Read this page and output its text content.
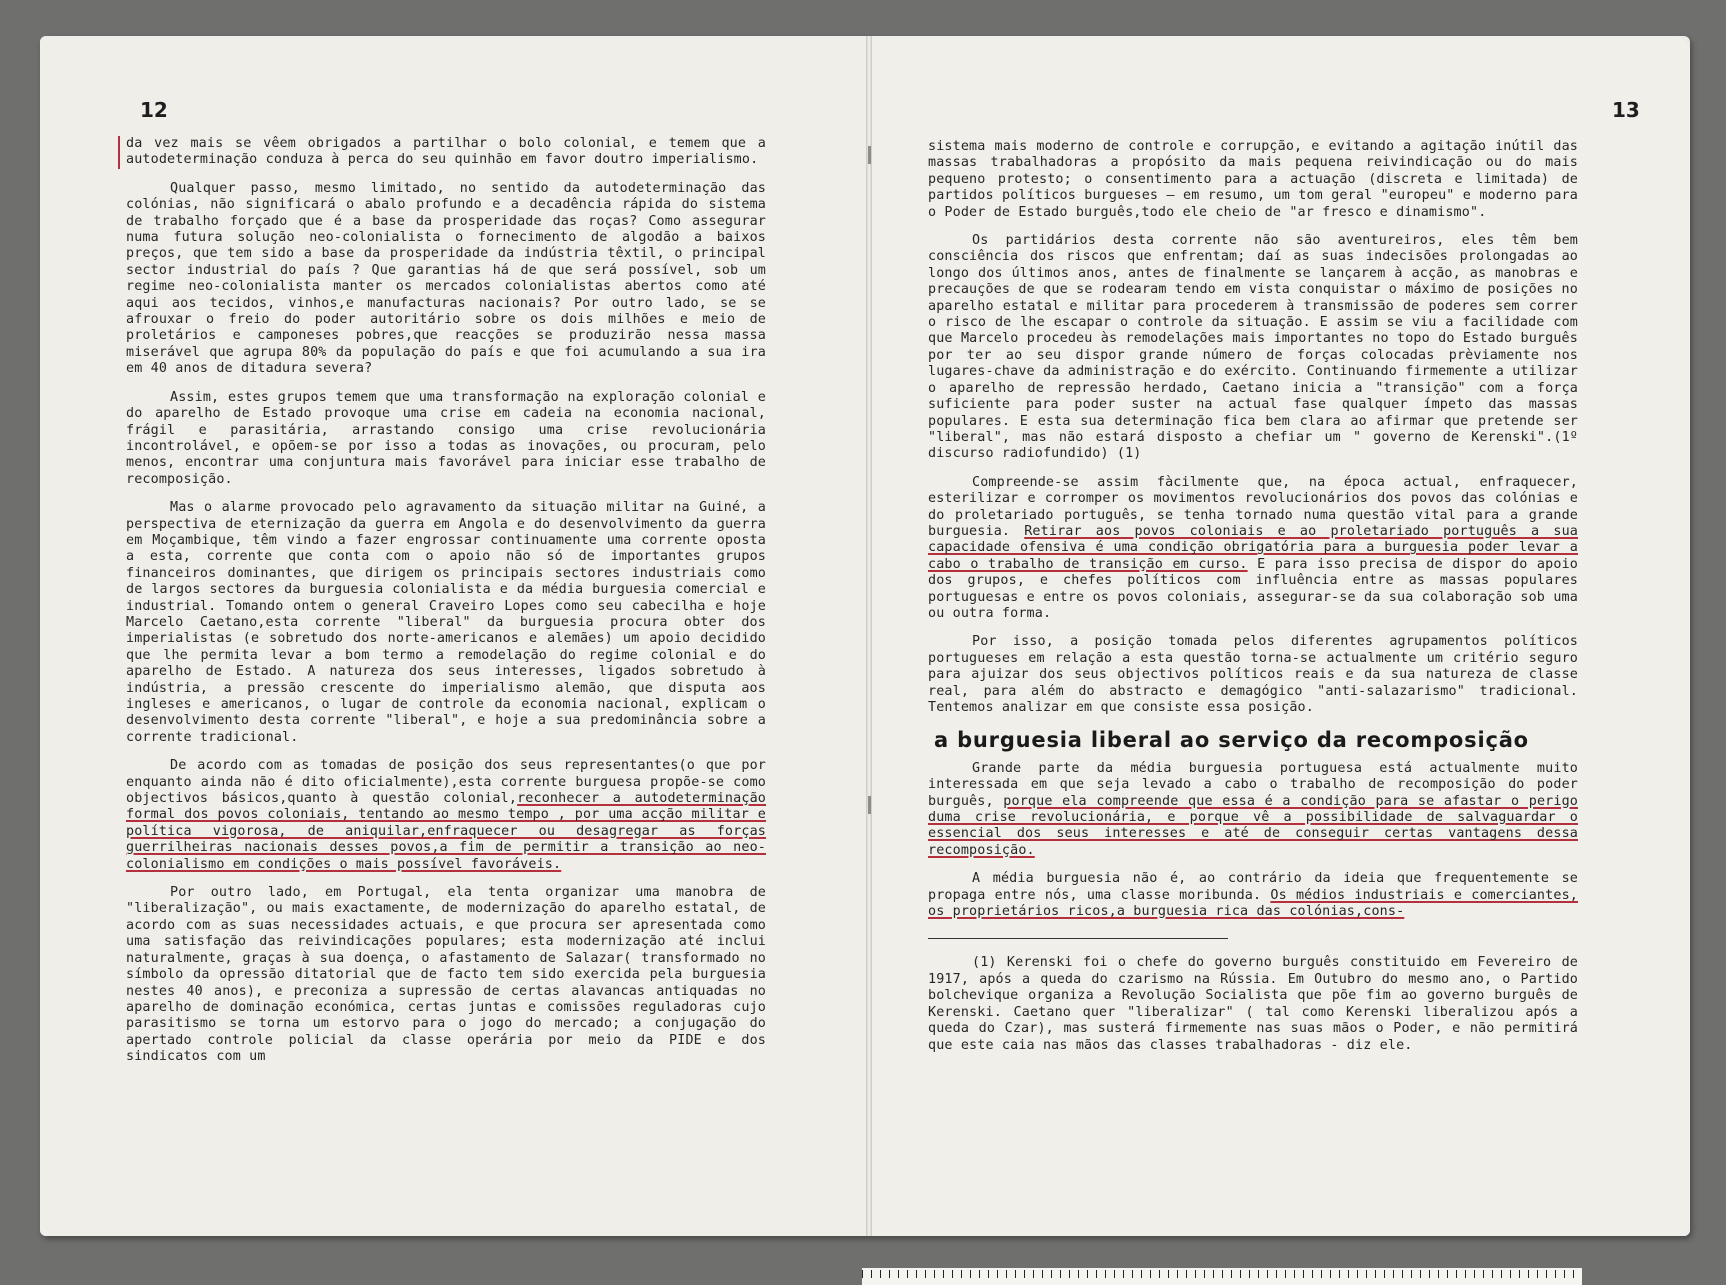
12

da vez mais se vêem obrigados a partilhar o bolo colonial, e temem que a autodeterminação conduza à perca do seu quinhão em favor doutro imperialismo.

Qualquer passo, mesmo limitado, no sentido da autodeterminação das colónias, não significará o abalo profundo e a decadência rápida do sistema de trabalho forçado que é a base da prosperidade das roças? Como assegurar numa futura solução neo-colonialista o fornecimento de algodão a baixos preços, que tem sido a base da prosperidade da indústria têxtil, o principal sector industrial do país ? Que garantias há de que será possível, sob um regime neo-colonialista manter os mercados colonialistas abertos como até aqui aos tecidos, vinhos,e manufacturas nacionais? Por outro lado, se se afrouxar o freio do poder autoritário sobre os dois milhões e meio de proletários e camponeses pobres,que reacções se produzirão nessa massa miserável que agrupa 80% da população do país e que foi acumulando a sua ira em 40 anos de ditadura severa?

Assim, estes grupos temem que uma transformação na exploração colonial e do aparelho de Estado provoque uma crise em cadeia na economia nacional, frágil e parasitária, arrastando consigo uma crise revolucionária incontrolável, e opõem-se por isso a todas as inovações, ou procuram, pelo menos, encontrar uma conjuntura mais favorável para iniciar esse trabalho de recomposição.

Mas o alarme provocado pelo agravamento da situação militar na Guiné, a perspectiva de eternização da guerra em Angola e do desenvolvimento da guerra em Moçambique, têm vindo a fazer engrossar continuamente uma corrente oposta a esta, corrente que conta com o apoio não só de importantes grupos financeiros dominantes, que dirigem os principais sectores industriais como de largos sectores da burguesia colonialista e da média burguesia comercial e industrial. Tomando ontem o general Craveiro Lopes como seu cabecilha e hoje Marcelo Caetano,esta corrente "liberal" da burguesia procura obter dos imperialistas (e sobretudo dos norte-americanos e alemães) um apoio decidido que lhe permita levar a bom termo a remodelação do regime colonial e do aparelho de Estado. A natureza dos seus interesses, ligados sobretudo à indústria, a pressão crescente do imperialismo alemão, que disputa aos ingleses e americanos, o lugar de controle da economia nacional, explicam o desenvolvimento desta corrente "liberal", e hoje a sua predominância sobre a corrente tradicional.

De acordo com as tomadas de posição dos seus representantes(o que por enquanto ainda não é dito oficialmente),esta corrente burguesa propõe-se como objectivos básicos,quanto à questão colonial,reconhecer a autodeterminação formal dos povos coloniais, tentando ao mesmo tempo , por uma acção militar e política vigorosa, de aniquilar,enfraquecer ou desagregar as forças guerrilheiras nacionais desses povos,a fim de permitir a transição ao neo-colonialismo em condições o mais possível favoráveis.

Por outro lado, em Portugal, ela tenta organizar uma manobra de "liberalização", ou mais exactamente, de modernização do aparelho estatal, de acordo com as suas necessidades actuais, e que procura ser apresentada como uma satisfação das reivindicações populares; esta modernização até inclui naturalmente, graças à sua doença, o afastamento de Salazar( transformado no símbolo da opressão ditatorial que de facto tem sido exercida pela burguesia nestes 40 anos), e preconiza a supressão de certas alavancas antiquadas no aparelho de dominação económica, certas juntas e comissões reguladoras cujo parasitismo se torna um estorvo para o jogo do mercado; a conjugação do apertado controle policial da classe operária por meio da PIDE e dos sindicatos com um

13

sistema mais moderno de controle e corrupção, e evitando a agitação inútil das massas trabalhadoras a propósito da mais pequena reivindicação ou do mais pequeno protesto; o consentimento para a actuação (discreta e limitada) de partidos políticos burgueses — em resumo, um tom geral "europeu" e moderno para o Poder de Estado burguês,todo ele cheio de "ar fresco e dinamismo".

Os partidários desta corrente não são aventureiros, eles têm bem consciência dos riscos que enfrentam; daí as suas indecisões prolongadas ao longo dos últimos anos, antes de finalmente se lançarem à acção, as manobras e precauções de que se rodearam tendo em vista conquistar o máximo de posições no aparelho estatal e militar para procederem à transmissão de poderes sem correr o risco de lhe escapar o controle da situação. E assim se viu a facilidade com que Marcelo procedeu às remodelações mais importantes no topo do Estado burguês por ter ao seu dispor grande número de forças colocadas prèviamente nos lugares-chave da administração e do exército. Continuando firmemente a utilizar o aparelho de repressão herdado, Caetano inicia a "transição" com a força suficiente para poder suster na actual fase qualquer ímpeto das massas populares. E esta sua determinação fica bem clara ao afirmar que pretende ser "liberal", mas não estará disposto a chefiar um " governo de Kerenski".(1º discurso radiofundido) (1)

Compreende-se assim fàcilmente que, na época actual, enfraquecer, esterilizar e corromper os movimentos revolucionários dos povos das colónias e do proletariado português, se tenha tornado numa questão vital para a grande burguesia. Retirar aos povos coloniais e ao proletariado português a sua capacidade ofensiva é uma condição obrigatória para a burguesia poder levar a cabo o trabalho de transição em curso. E para isso precisa de dispor do apoio dos grupos, e chefes políticos com influência entre as massas populares portuguesas e entre os povos coloniais, assegurar-se da sua colaboração sob uma ou outra forma.

Por isso, a posição tomada pelos diferentes agrupamentos políticos portugueses em relação a esta questão torna-se actualmente um critério seguro para ajuizar dos seus objectivos políticos reais e da sua natureza de classe real, para além do abstracto e demagógico "anti-salazarismo" tradicional. Tentemos analizar em que consiste essa posição.

a burguesia liberal ao serviço da recomposição

Grande parte da média burguesia portuguesa está actualmente muito interessada em que seja levado a cabo o trabalho de recomposição do poder burguês, porque ela compreende que essa é a condição para se afastar o perigo duma crise revolucionária, e porque vê a possibilidade de salvaguardar o essencial dos seus interesses e até de conseguir certas vantagens dessa recomposição.

A média burguesia não é, ao contrário da ideia que frequentemente se propaga entre nós, uma classe moribunda. Os médios industriais e comerciantes, os proprietários ricos,a burguesia rica das colónias,cons-

(1) Kerenski foi o chefe do governo burguês constituido em Fevereiro de 1917, após a queda do czarismo na Rússia. Em Outubro do mesmo ano, o Partido bolchevique organiza a Revolução Socialista que põe fim ao governo burguês de Kerenski. Caetano quer "liberalizar" ( tal como Kerenski liberalizou após a queda do Czar), mas susterá firmemente nas suas mãos o Poder, e não permitirá que este caia nas mãos das classes trabalhadoras - diz ele.
